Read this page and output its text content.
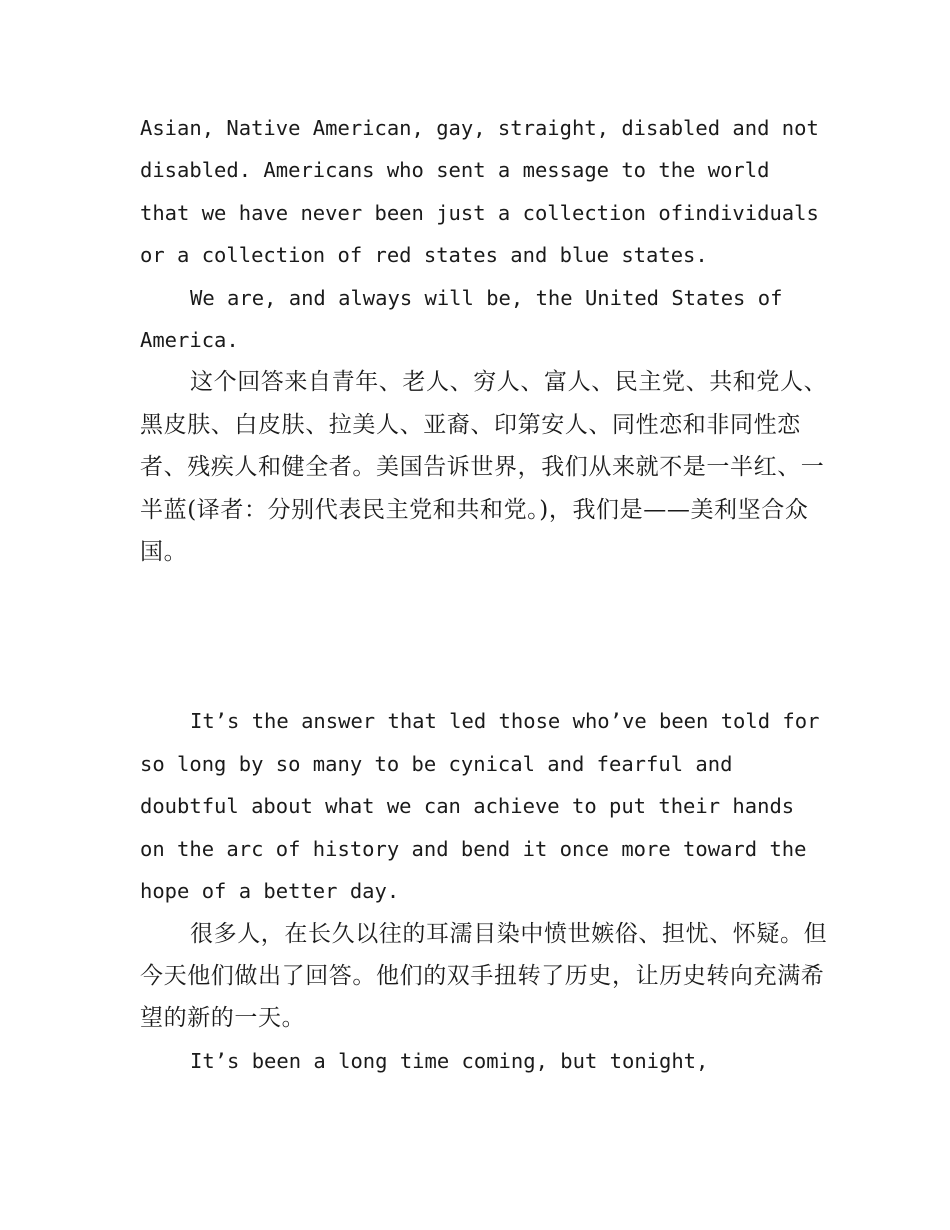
Asian, Native American, gay, straight, disabled and not disabled. Americans who sent a message to the world that we have never been just a collection ofindividuals or a collection of red states and blue states.

We are, and always will be, the United States of America.

这个回答来自青年、老人、穷人、富人、民主党、共和党人、黑皮肤、白皮肤、拉美人、亚裔、印第安人、同性恋和非同性恋者、残疾人和健全者。美国告诉世界，我们从来就不是一半红、一半蓝(译者：分别代表民主党和共和党。)，我们是——美利坚合众国。

It’s the answer that led those who’ve been told for so long by so many to be cynical and fearful and doubtful about what we can achieve to put their hands on the arc of history and bend it once more toward the hope of a better day.

很多人，在长久以往的耳濡目染中愤世嫉俗、担忧、怀疑。但今天他们做出了回答。他们的双手扭转了历史，让历史转向充满希望的新的一天。

It’s been a long time coming, but tonight,
